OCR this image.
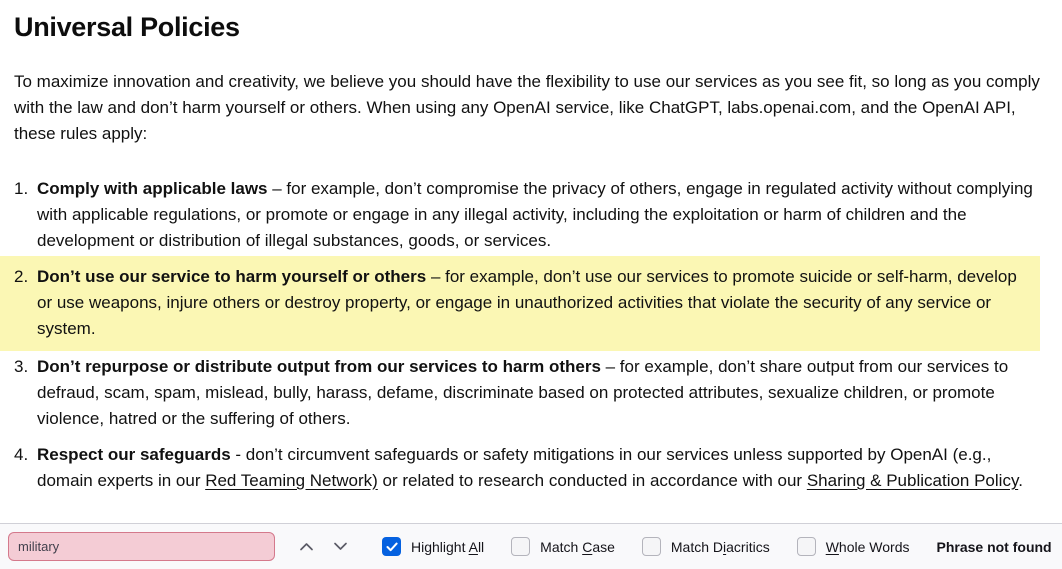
Universal Policies

To maximize innovation and creativity, we believe you should have the flexibility to use our services as you see fit, so long as you comply with the law and don’t harm yourself or others. When using any OpenAI service, like ChatGPT, labs.openai.com, and the OpenAI API, these rules apply:

1. Comply with applicable laws – for example, don’t compromise the privacy of others, engage in regulated activity without complying with applicable regulations, or promote or engage in any illegal activity, including the exploitation or harm of children and the development or distribution of illegal substances, goods, or services.
2. Don’t use our service to harm yourself or others – for example, don’t use our services to promote suicide or self-harm, develop or use weapons, injure others or destroy property, or engage in unauthorized activities that violate the security of any service or system.
3. Don’t repurpose or distribute output from our services to harm others – for example, don’t share output from our services to defraud, scam, spam, mislead, bully, harass, defame, discriminate based on protected attributes, sexualize children, or promote violence, hatred or the suffering of others.
4. Respect our safeguards - don’t circumvent safeguards or safety mitigations in our services unless supported by OpenAI (e.g., domain experts in our Red Teaming Network) or related to research conducted in accordance with our Sharing & Publication Policy.
military
Highlight All	Match Case	Match Diacritics	Whole Words Phrase not found
